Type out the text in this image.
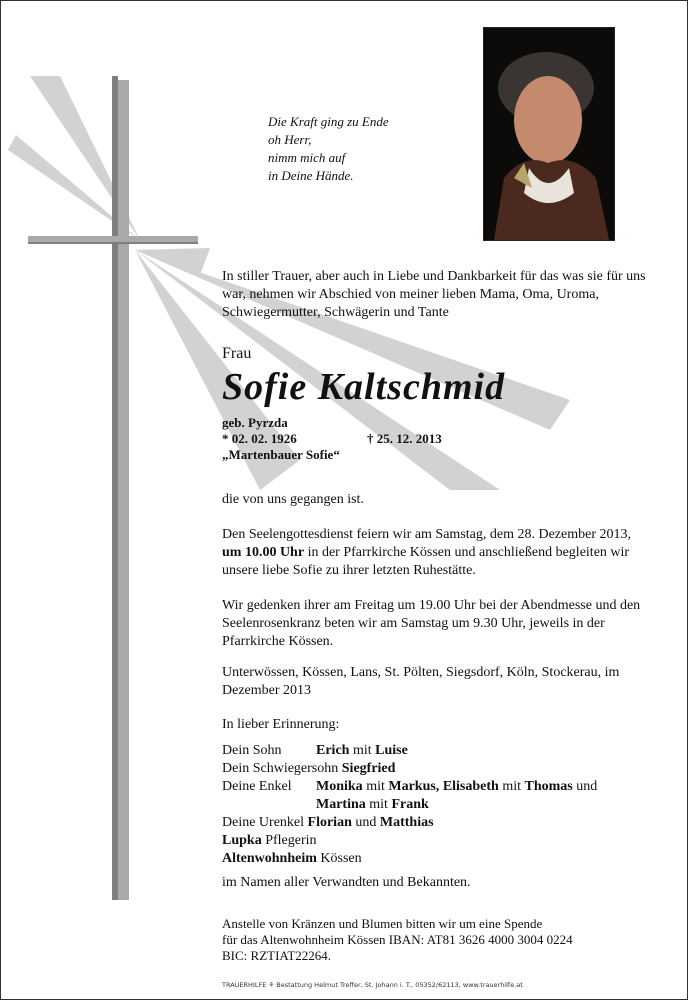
Die Kraft ging zu Ende
oh Herr,
nimm mich auf
in Deine Hände.
In stiller Trauer, aber auch in Liebe und Dankbarkeit für das was sie für uns war, nehmen wir Abschied von meiner lieben Mama, Oma, Uroma, Schwiegermutter, Schwägerin und Tante
Frau
Sofie Kaltschmid
geb. Pyrzda
* 02. 02. 1926	† 25. 12. 2013
„Martenbauer Sofie“
die von uns gegangen ist.
Den Seelengottesdienst feiern wir am Samstag, dem 28. Dezember 2013, um 10.00 Uhr in der Pfarrkirche Kössen und anschließend begleiten wir unsere liebe Sofie zu ihrer letzten Ruhestätte.
Wir gedenken ihrer am Freitag um 19.00 Uhr bei der Abendmesse und den Seelenrosenkranz beten wir am Samstag um 9.30 Uhr, jeweils in der Pfarrkirche Kössen.
Unterwössen, Kössen, Lans, St. Pölten, Siegsdorf, Köln, Stockerau, im Dezember 2013
In lieber Erinnerung:
Dein Sohn	Erich mit Luise
Dein Schwiegersohn Siegfried
Deine Enkel	Monika mit Markus, Elisabeth mit Thomas und
Martina mit Frank
Deine Urenkel Florian und Matthias
Lupka Pflegerin
Altenwohnheim Kössen
im Namen aller Verwandten und Bekannten.
Anstelle von Kränzen und Blumen bitten wir um eine Spende
für das Altenwohnheim Kössen IBAN: AT81 3626 4000 3004 0224
BIC: RZTIAT22264.
TRAUERHILFE ⚘ Bestattung Helmut Treffer, St. Johann i. T., 05352/62113, www.trauerhilfe.at
